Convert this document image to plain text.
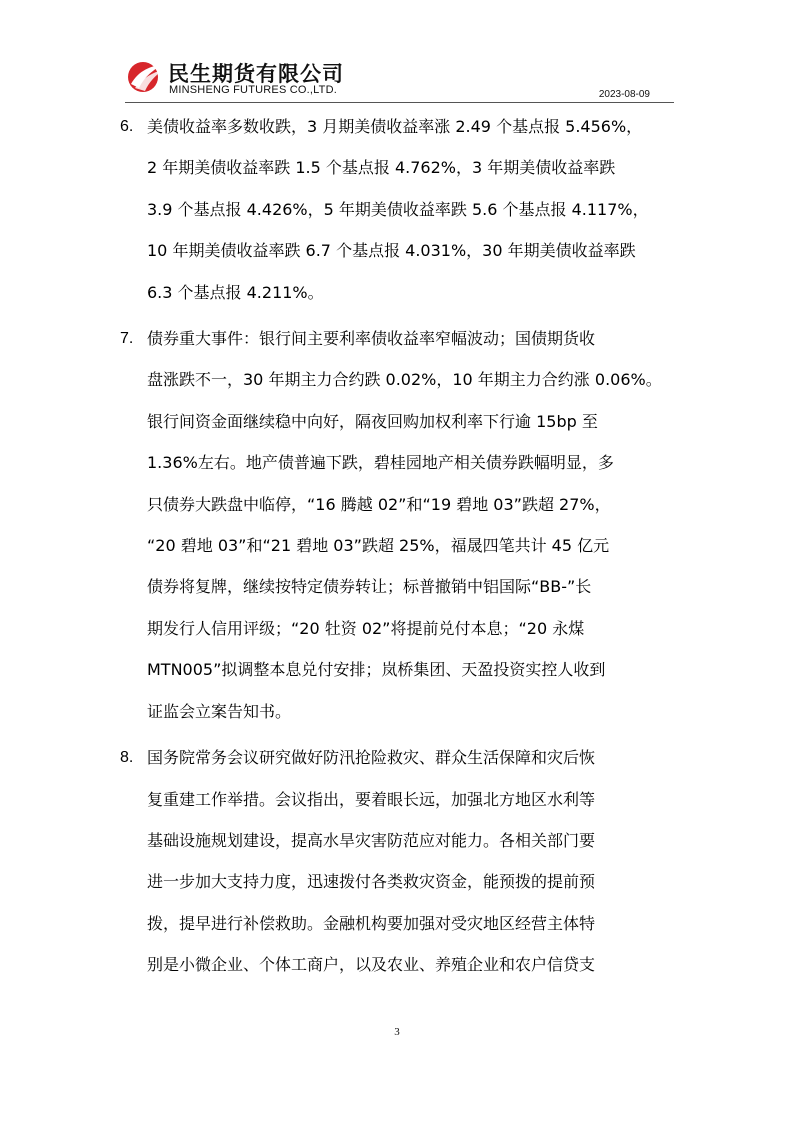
民生期货有限公司
MINSHENG FUTURES CO.,LTD.	2023-08-09
6. 美债收益率多数收跌，3 月期美债收益率涨 2.49 个基点报 5.456%，
2 年期美债收益率跌 1.5 个基点报 4.762%，3 年期美债收益率跌
3.9 个基点报 4.426%，5 年期美债收益率跌 5.6 个基点报 4.117%，
10 年期美债收益率跌 6.7 个基点报 4.031%，30 年期美债收益率跌
6.3 个基点报 4.211%。
7. 债券重大事件：银行间主要利率债收益率窄幅波动；国债期货收
盘涨跌不一，30 年期主力合约跌 0.02%，10 年期主力合约涨 0.06%。
银行间资金面继续稳中向好，隔夜回购加权利率下行逾 15bp 至
1.36%左右。地产债普遍下跌，碧桂园地产相关债券跌幅明显，多
只债券大跌盘中临停，“16 腾越 02”和“19 碧地 03”跌超 27%，
“20 碧地 03”和“21 碧地 03”跌超 25%，福晟四笔共计 45 亿元
债券将复牌，继续按特定债券转让；标普撤销中铝国际“BB-”长
期发行人信用评级；“20 牡资 02”将提前兑付本息；“20 永煤
MTN005”拟调整本息兑付安排；岚桥集团、天盈投资实控人收到
证监会立案告知书。
8. 国务院常务会议研究做好防汛抢险救灾、群众生活保障和灾后恢
复重建工作举措。会议指出，要着眼长远，加强北方地区水利等
基础设施规划建设，提高水旱灾害防范应对能力。各相关部门要
进一步加大支持力度，迅速拨付各类救灾资金，能预拨的提前预
拨，提早进行补偿救助。金融机构要加强对受灾地区经营主体特
别是小微企业、个体工商户，以及农业、养殖企业和农户信贷支
3
